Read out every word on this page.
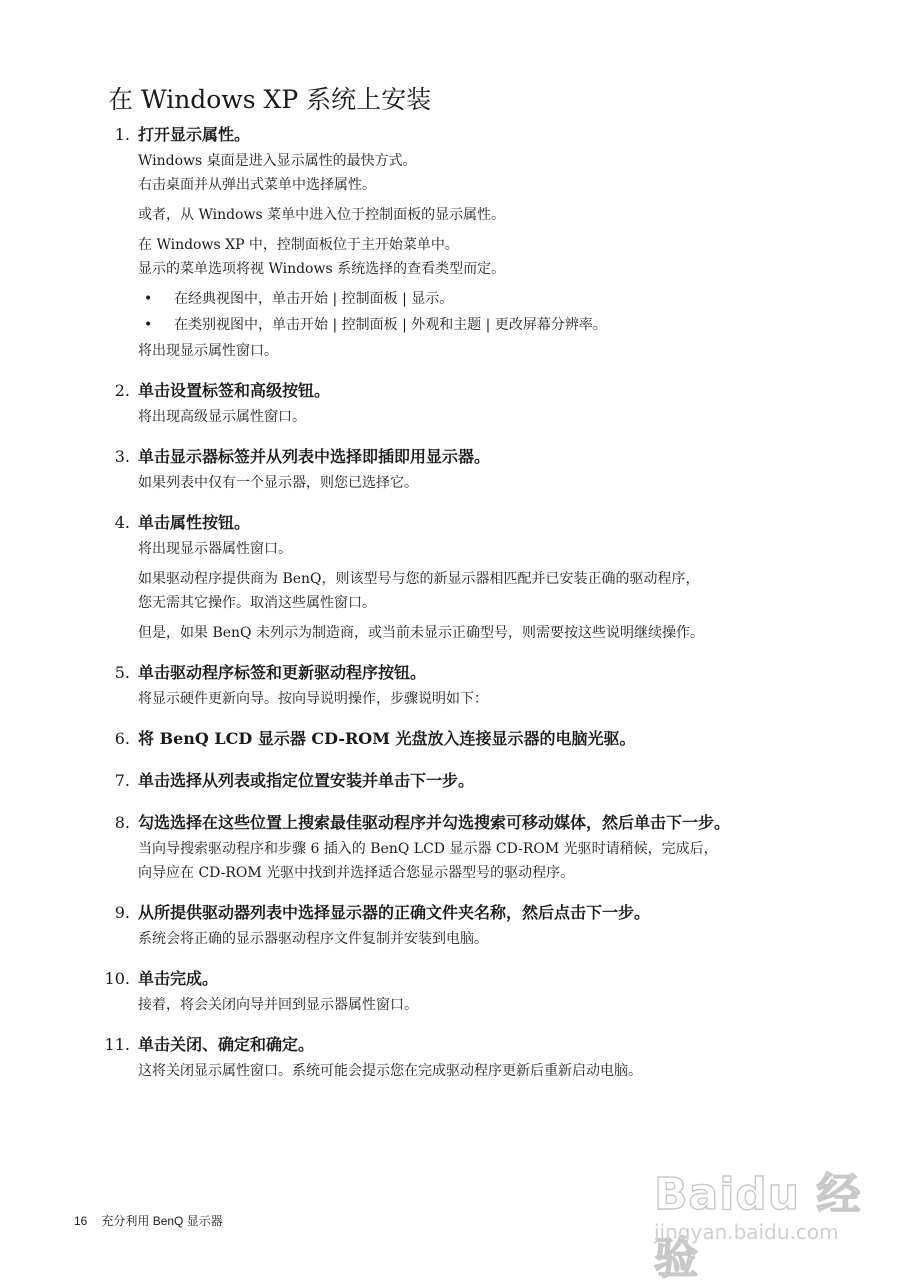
在 Windows XP 系统上安装
1. 打开显示属性。
Windows 桌面是进入显示属性的最快方式。
右击桌面并从弹出式菜单中选择属性。
或者，从 Windows 菜单中进入位于控制面板的显示属性。
在 Windows XP 中，控制面板位于主开始菜单中。
显示的菜单选项将视 Windows 系统选择的查看类型而定。
• 在经典视图中，单击开始 | 控制面板 | 显示。
• 在类别视图中，单击开始 | 控制面板 | 外观和主题 | 更改屏幕分辨率。
将出现显示属性窗口。
2. 单击设置标签和高级按钮。
将出现高级显示属性窗口。
3. 单击显示器标签并从列表中选择即插即用显示器。
如果列表中仅有一个显示器，则您已选择它。
4. 单击属性按钮。
将出现显示器属性窗口。
如果驱动程序提供商为 BenQ，则该型号与您的新显示器相匹配并已安装正确的驱动程序，
您无需其它操作。取消这些属性窗口。
但是，如果 BenQ 未列示为制造商，或当前未显示正确型号，则需要按这些说明继续操作。
5. 单击驱动程序标签和更新驱动程序按钮。
将显示硬件更新向导。按向导说明操作，步骤说明如下：
6. 将 BenQ LCD 显示器 CD-ROM 光盘放入连接显示器的电脑光驱。
7. 单击选择从列表或指定位置安装并单击下一步。
8. 勾选选择在这些位置上搜索最佳驱动程序并勾选搜索可移动媒体，然后单击下一步。
当向导搜索驱动程序和步骤 6 插入的 BenQ LCD 显示器 CD-ROM 光驱时请稍候，完成后，
向导应在 CD-ROM 光驱中找到并选择适合您显示器型号的驱动程序。
9. 从所提供驱动器列表中选择显示器的正确文件夹名称，然后点击下一步。
系统会将正确的显示器驱动程序文件复制并安装到电脑。
10. 单击完成。
接着，将会关闭向导并回到显示器属性窗口。
11. 单击关闭、确定和确定。
这将关闭显示属性窗口。系统可能会提示您在完成驱动程序更新后重新启动电脑。
16 充分利用 BenQ 显示器
Baidu 经验
jingyan.baidu.com
